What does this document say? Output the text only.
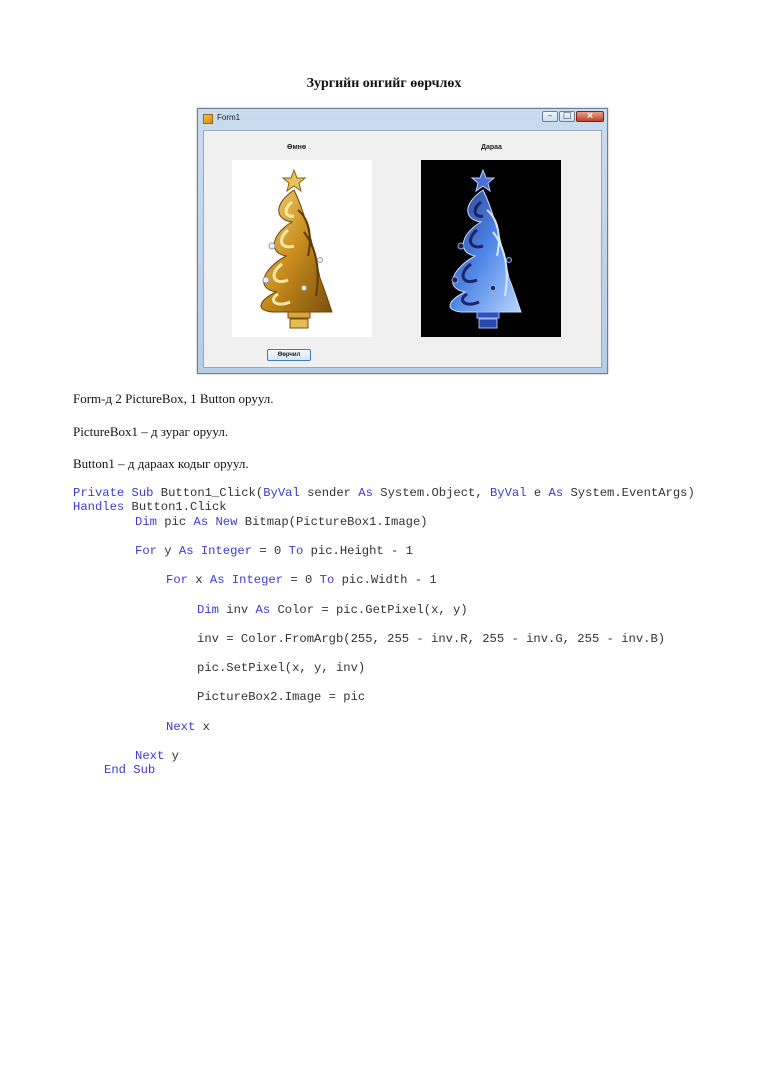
Зургийн онгийг өөрчлөх
Form1	–	□	×
Өмнө	Дараа
Өөрчил
Form-д 2 PictureBox, 1 Button оруул.
PictureBox1 – д зураг оруул.
Button1 – д дараах кодыг оруул.
Private Sub Button1_Click(ByVal sender As System.Object, ByVal e As System.EventArgs)
Handles Button1.Click
Dim pic As New Bitmap(PictureBox1.Image)
For y As Integer = 0 To pic.Height - 1
For x As Integer = 0 To pic.Width - 1
Dim inv As Color = pic.GetPixel(x, y)
inv = Color.FromArgb(255, 255 - inv.R, 255 - inv.G, 255 - inv.B)
pic.SetPixel(x, y, inv)
PictureBox2.Image = pic
Next x
Next y
End Sub
